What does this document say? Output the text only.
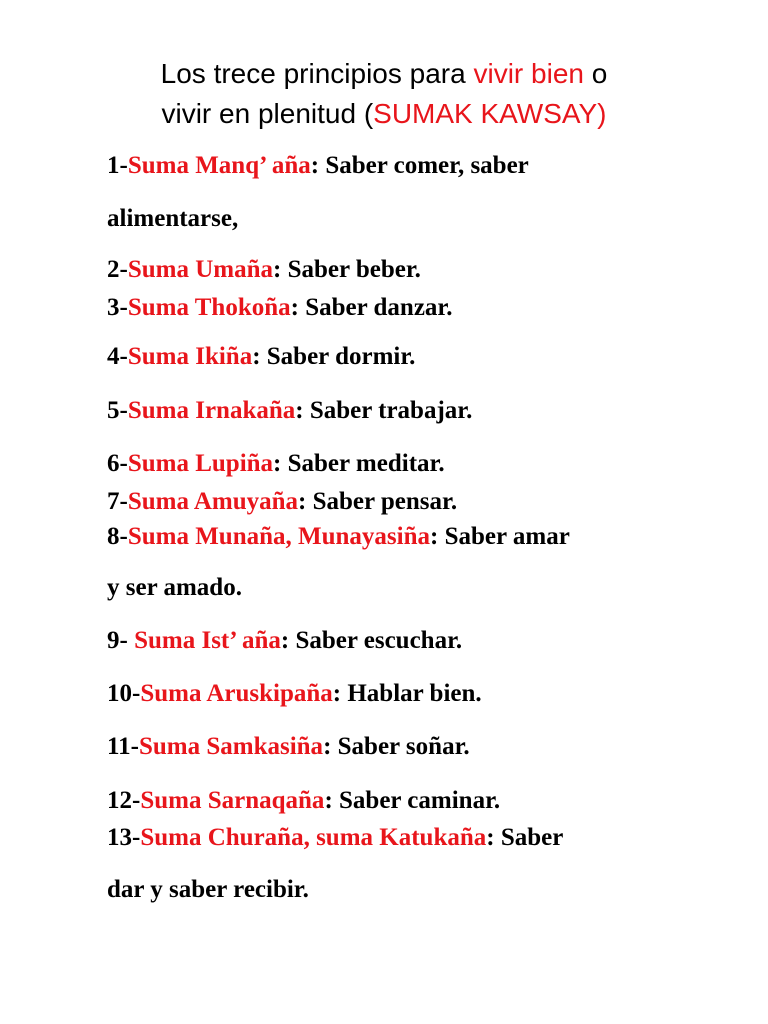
Los trece principios para vivir bien o

vivir en plenitud (SUMAK KAWSAY)

1-Suma Manq’ aña: Saber comer, saber

alimentarse,

2-Suma Umaña: Saber beber.

3-Suma Thokoña: Saber danzar.

4-Suma Ikiña: Saber dormir.

5-Suma Irnakaña: Saber trabajar.

6-Suma Lupiña: Saber meditar.

7-Suma Amuyaña: Saber pensar.

8-Suma Munaña, Munayasiña: Saber amar

y ser amado.

9- Suma Ist’ aña: Saber escuchar.

10-Suma Aruskipaña: Hablar bien.

11-Suma Samkasiña: Saber soñar.

12-Suma Sarnaqaña: Saber caminar.

13-Suma Churaña, suma Katukaña: Saber

dar y saber recibir.
